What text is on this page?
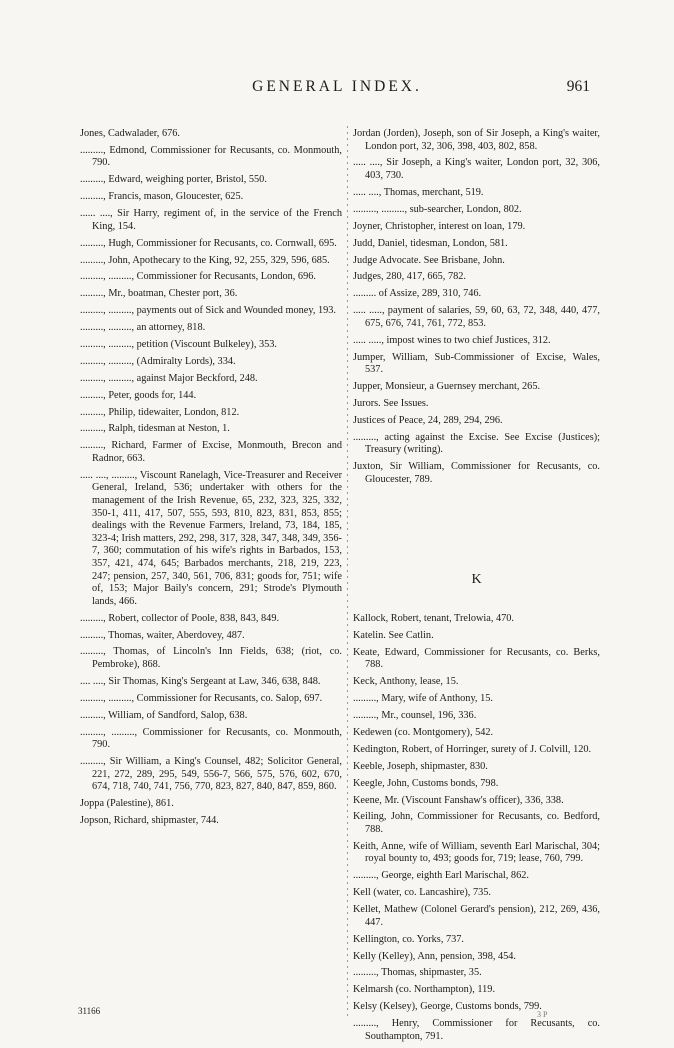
GENERAL INDEX.	961

Jones, Cadwalader, 676.

........., Edmond, Commissioner for Recusants, co. Monmouth, 790.

........., Edward, weighing porter, Bristol, 550.

........., Francis, mason, Gloucester, 625.

...... ...., Sir Harry, regiment of, in the service of the French King, 154.

........., Hugh, Commissioner for Recusants, co. Cornwall, 695.

........., John, Apothecary to the King, 92, 255, 329, 596, 685.

........., ........., Commissioner for Recusants, London, 696.

........., Mr., boatman, Chester port, 36.

........., ........., payments out of Sick and Wounded money, 193.

........., ........., an attorney, 818.

........., ........., petition (Viscount Bulkeley), 353.

........., ........., (Admiralty Lords), 334.

........., ........., against Major Beckford, 248.

........., Peter, goods for, 144.

........., Philip, tidewaiter, London, 812.

........., Ralph, tidesman at Neston, 1.

........., Richard, Farmer of Excise, Monmouth, Brecon and Radnor, 663.

..... ...., ........., Viscount Ranelagh, Vice-Treasurer and Receiver General, Ireland, 536; undertaker with others for the management of the Irish Revenue, 65, 232, 323, 325, 332, 350-1, 411, 417, 507, 555, 593, 810, 823, 831, 853, 855; dealings with the Revenue Farmers, Ireland, 73, 184, 185, 323-4; Irish matters, 292, 298, 317, 328, 347, 348, 349, 356-7, 360; commutation of his wife's rights in Barbados, 153, 357, 421, 474, 645; Barbados merchants, 218, 219, 223, 247; pension, 257, 340, 561, 706, 831; goods for, 751; wife of, 153; Major Baily's concern, 291; Strode's Plymouth lands, 466.

........., Robert, collector of Poole, 838, 843, 849.

........., Thomas, waiter, Aberdovey, 487.

........., Thomas, of Lincoln's Inn Fields, 638; (riot, co. Pembroke), 868.

.... ...., Sir Thomas, King's Sergeant at Law, 346, 638, 848.

........., ........., Commissioner for Recusants, co. Salop, 697.

........., William, of Sandford, Salop, 638.

........., ........., Commissioner for Recusants, co. Monmouth, 790.

........., Sir William, a King's Counsel, 482; Solicitor General, 221, 272, 289, 295, 549, 556-7, 566, 575, 576, 602, 670, 674, 718, 740, 741, 756, 770, 823, 827, 840, 847, 859, 860.

Joppa (Palestine), 861.

Jopson, Richard, shipmaster, 744.

Jordan (Jorden), Joseph, son of Sir Joseph, a King's waiter, London port, 32, 306, 398, 403, 802, 858.

..... ...., Sir Joseph, a King's waiter, London port, 32, 306, 403, 730.

..... ...., Thomas, merchant, 519.

........., ........., sub-searcher, London, 802.

Joyner, Christopher, interest on loan, 179.

Judd, Daniel, tidesman, London, 581.

Judge Advocate. See Brisbane, John.

Judges, 280, 417, 665, 782.

......... of Assize, 289, 310, 746.

..... ....., payment of salaries, 59, 60, 63, 72, 348, 440, 477, 675, 676, 741, 761, 772, 853.

..... ....., impost wines to two chief Justices, 312.

Jumper, William, Sub-Commissioner of Excise, Wales, 537.

Jupper, Monsieur, a Guernsey merchant, 265.

Jurors. See Issues.

Justices of Peace, 24, 289, 294, 296.

........., acting against the Excise. See Excise (Justices); Treasury (writing).

Juxton, Sir William, Commissioner for Recusants, co. Gloucester, 789.

K

Kallock, Robert, tenant, Trelowia, 470.

Katelin. See Catlin.

Keate, Edward, Commissioner for Recusants, co. Berks, 788.

Keck, Anthony, lease, 15.

........., Mary, wife of Anthony, 15.

........., Mr., counsel, 196, 336.

Kedewen (co. Montgomery), 542.

Kedington, Robert, of Horringer, surety of J. Colvill, 120.

Keeble, Joseph, shipmaster, 830.

Keegle, John, Customs bonds, 798.

Keene, Mr. (Viscount Fanshaw's officer), 336, 338.

Keiling, John, Commissioner for Recusants, co. Bedford, 788.

Keith, Anne, wife of William, seventh Earl Marischal, 304; royal bounty to, 493; goods for, 719; lease, 760, 799.

........., George, eighth Earl Marischal, 862.

Kell (water, co. Lancashire), 735.

Kellet, Mathew (Colonel Gerard's pension), 212, 269, 436, 447.

Kellington, co. Yorks, 737.

Kelly (Kelley), Ann, pension, 398, 454.

........., Thomas, shipmaster, 35.

Kelmarsh (co. Northampton), 119.

Kelsy (Kelsey), George, Customs bonds, 799.

........., Henry, Commissioner for Recusants, co. Southampton, 791.

31166	3 P
